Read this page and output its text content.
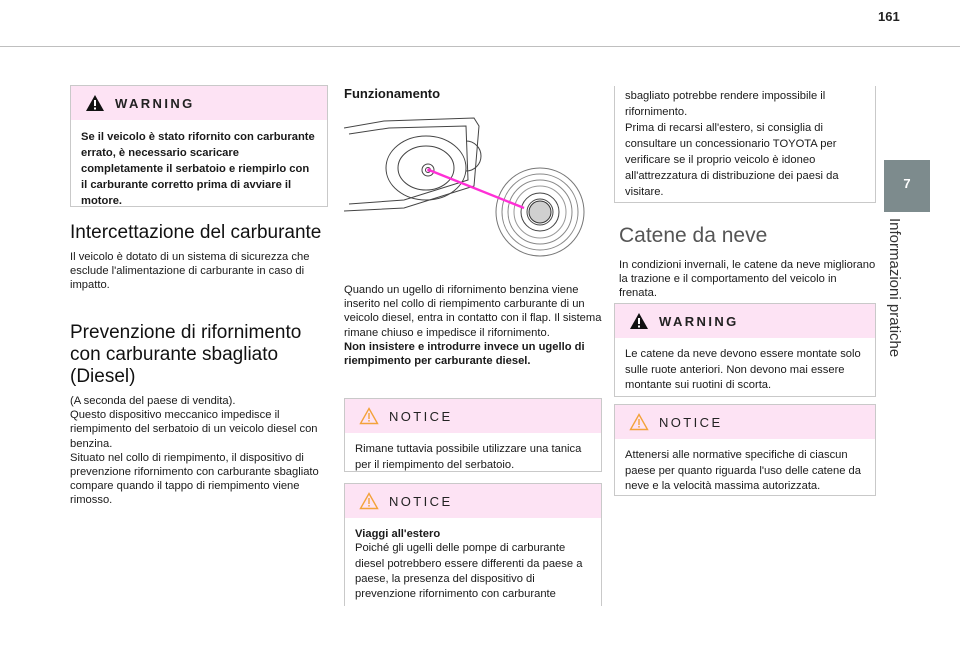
161
7
Informazioni pratiche
WARNING

Se il veicolo è stato rifornito con carburante errato, è necessario scaricare completamente il serbatoio e riempirlo con il carburante corretto prima di avviare il motore.

Intercettazione del carburante

Il veicolo è dotato di un sistema di sicurezza che esclude l'alimentazione di carburante in caso di impatto.

Prevenzione di rifornimento con carburante sbagliato (Diesel)

(A seconda del paese di vendita).

Questo dispositivo meccanico impedisce il riempimento del serbatoio di un veicolo diesel con benzina.

Situato nel collo di riempimento, il dispositivo di prevenzione rifornimento con carburante sbagliato compare quando il tappo di riempimento viene rimosso.

Funzionamento

Quando un ugello di rifornimento benzina viene inserito nel collo di riempimento carburante di un veicolo diesel, entra in contatto con il flap. Il sistema rimane chiuso e impedisce il rifornimento.

Non insistere e introdurre invece un ugello di riempimento per carburante diesel.

NOTICE

Rimane tuttavia possibile utilizzare una tanica per il riempimento del serbatoio.

NOTICE

Viaggi all'estero

Poiché gli ugelli delle pompe di carburante diesel potrebbero essere differenti da paese a paese, la presenza del dispositivo di prevenzione rifornimento con carburante

sbagliato potrebbe rendere impossibile il rifornimento.

Prima di recarsi all'estero, si consiglia di consultare un concessionario TOYOTA per verificare se il proprio veicolo è idoneo all'attrezzatura di distribuzione dei paesi da visitare.

Catene da neve

In condizioni invernali, le catene da neve migliorano la trazione e il comportamento del veicolo in frenata.

WARNING

Le catene da neve devono essere montate solo sulle ruote anteriori. Non devono mai essere montante sui ruotini di scorta.

NOTICE

Attenersi alle normative specifiche di ciascun paese per quanto riguarda l'uso delle catene da neve e la velocità massima autorizzata.
